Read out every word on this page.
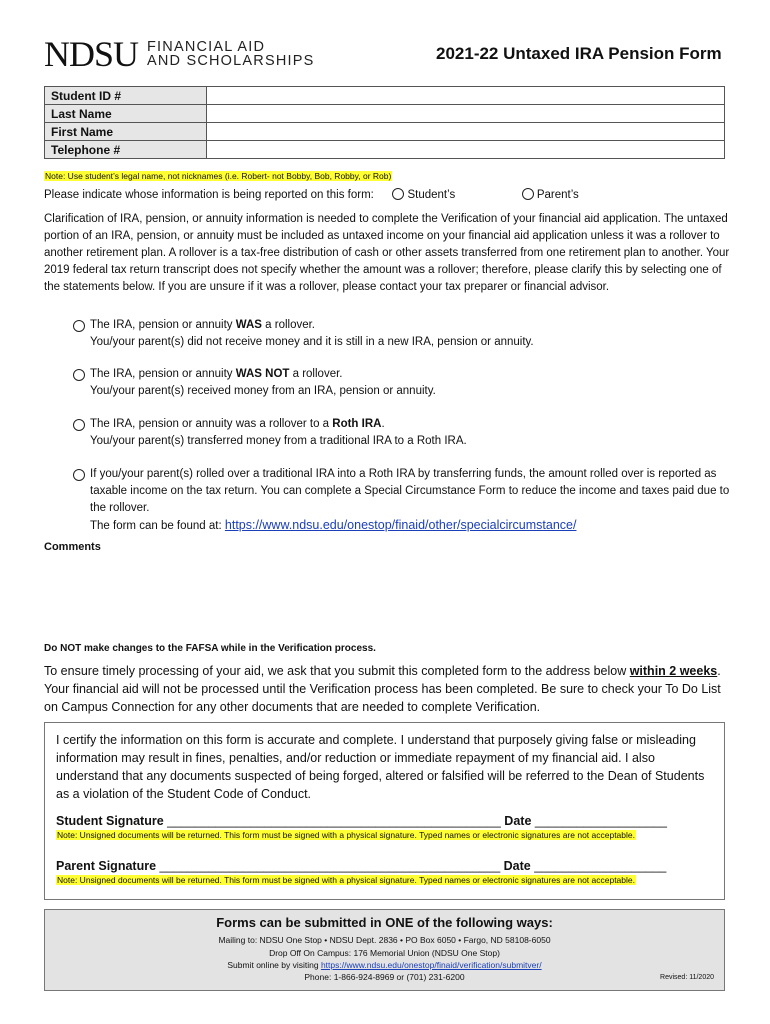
NDSU FINANCIAL AID
AND SCHOLARSHIPS	2021-22 Untaxed IRA Pension Form
Student ID #	
Last Name	
First Name	
Telephone #	
Note: Use student’s legal name, not nicknames (i.e. Robert- not Bobby, Bob, Robby, or Rob)
Please indicate whose information is being reported on this form:	Student’s	Parent’s
Clarification of IRA, pension, or annuity information is needed to complete the Verification of your financial aid application. The untaxed portion of an IRA, pension, or annuity must be included as untaxed income on your financial aid application unless it was a rollover to another retirement plan. A rollover is a tax-free distribution of cash or other assets transferred from one retirement plan to another. Your 2019 federal tax return transcript does not specify whether the amount was a rollover; therefore, please clarify this by selecting one of the statements below. If you are unsure if it was a rollover, please contact your tax preparer or financial advisor.
The IRA, pension or annuity WAS a rollover.
You/your parent(s) did not receive money and it is still in a new IRA, pension or annuity.
The IRA, pension or annuity WAS NOT a rollover.
You/your parent(s) received money from an IRA, pension or annuity.
The IRA, pension or annuity was a rollover to a Roth IRA.
You/your parent(s) transferred money from a traditional IRA to a Roth IRA.
If you/your parent(s) rolled over a traditional IRA into a Roth IRA by transferring funds, the amount rolled over is reported as taxable income on the tax return. You can complete a Special Circumstance Form to reduce the income and taxes paid due to the rollover.
The form can be found at: https://www.ndsu.edu/onestop/finaid/other/specialcircumstance/
Comments
Do NOT make changes to the FAFSA while in the Verification process.
To ensure timely processing of your aid, we ask that you submit this completed form to the address below within 2 weeks. Your financial aid will not be processed until the Verification process has been completed. Be sure to check your To Do List on Campus Connection for any other documents that are needed to complete Verification.
I certify the information on this form is accurate and complete. I understand that purposely giving false or misleading information may result in fines, penalties, and/or reduction or immediate repayment of my financial aid. I also understand that any documents suspected of being forged, altered or falsified will be referred to the Dean of Students as a violation of the Student Code of Conduct.
Student Signature ________________________________________________ Date ___________________
Note: Unsigned documents will be returned. This form must be signed with a physical signature. Typed names or electronic signatures are not acceptable.
Parent Signature _________________________________________________ Date ___________________
Note: Unsigned documents will be returned. This form must be signed with a physical signature. Typed names or electronic signatures are not acceptable.
Forms can be submitted in ONE of the following ways:
Mailing to: NDSU One Stop • NDSU Dept. 2836 • PO Box 6050 • Fargo, ND 58108-6050
Drop Off On Campus: 176 Memorial Union (NDSU One Stop)
Submit online by visiting https://www.ndsu.edu/onestop/finaid/verification/submitver/
Phone: 1-866-924-8969 or (701) 231-6200	Revised: 11/2020
